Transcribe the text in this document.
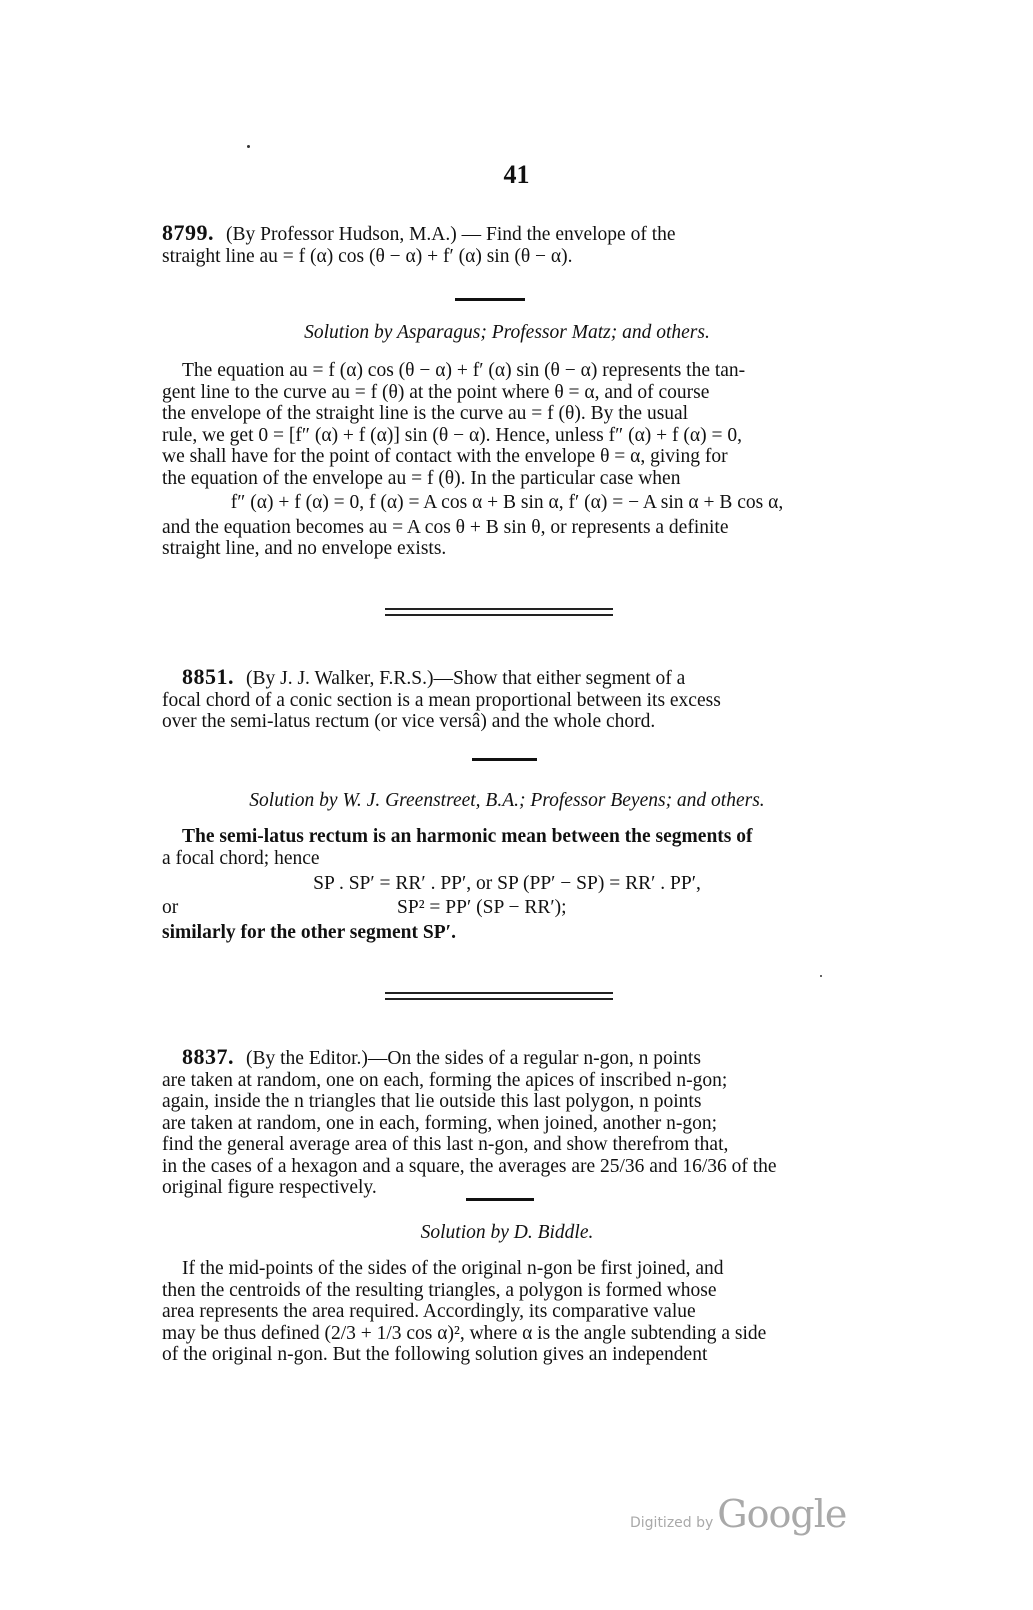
41
8799. (By Professor Hudson, M.A.) — Find the envelope of the
straight line au = f (α) cos (θ − α) + f′ (α) sin (θ − α).
Solution by Asparagus; Professor Matz; and others.
The equation au = f (α) cos (θ − α) + f′ (α) sin (θ − α) represents the tan-
gent line to the curve au = f (θ) at the point where θ = α, and of course
the envelope of the straight line is the curve au = f (θ). By the usual
rule, we get 0 = [f″ (α) + f (α)] sin (θ − α). Hence, unless f″ (α) + f (α) = 0,
we shall have for the point of contact with the envelope θ = α, giving for
the equation of the envelope au = f (θ). In the particular case when
f″ (α) + f (α) = 0, f (α) = A cos α + B sin α, f′ (α) = − A sin α + B cos α,
and the equation becomes au = A cos θ + B sin θ, or represents a definite
straight line, and no envelope exists.
8851. (By J. J. Walker, F.R.S.)—Show that either segment of a
focal chord of a conic section is a mean proportional between its excess
over the semi-latus rectum (or vice versâ) and the whole chord.
Solution by W. J. Greenstreet, B.A.; Professor Beyens; and others.
The semi-latus rectum is an harmonic mean between the segments of
a focal chord; hence
SP . SP′ = RR′ . PP′, or SP (PP′ − SP) = RR′ . PP′,
or	SP² = PP′ (SP − RR′);
similarly for the other segment SP′.
8837. (By the Editor.)—On the sides of a regular n-gon, n points
are taken at random, one on each, forming the apices of inscribed n-gon;
again, inside the n triangles that lie outside this last polygon, n points
are taken at random, one in each, forming, when joined, another n-gon;
find the general average area of this last n-gon, and show therefrom that,
in the cases of a hexagon and a square, the averages are 25/36 and 16/36 of the
original figure respectively.
Solution by D. Biddle.
If the mid-points of the sides of the original n-gon be first joined, and
then the centroids of the resulting triangles, a polygon is formed whose
area represents the area required. Accordingly, its comparative value
may be thus defined (2/3 + 1/3 cos α)², where α is the angle subtending a side
of the original n-gon. But the following solution gives an independent
Digitized by Google
